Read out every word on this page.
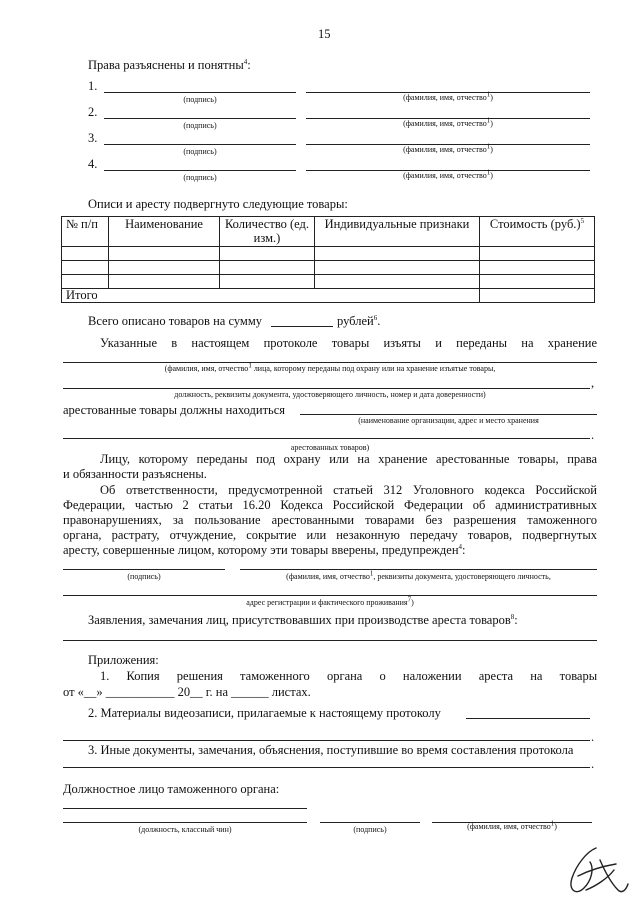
15
Права разъяснены и понятны$^4$:
1.
(подпись)	(фамилия, имя, отчество$^1$)
2.
(подпись)	(фамилия, имя, отчество$^1$)
3.
(подпись)	(фамилия, имя, отчество$^1$)
4.
(подпись)	(фамилия, имя, отчество$^1$)
Описи и аресту подвергнуто следующие товары:
№ п/п	Наименование	Количество (ед. изм.)	Индивидуальные признаки	Стоимость $(руб.)^5$

Итого				
Всего описано товаров на сумму	рублей$^6$.
Указанные в настоящем протоколе товары изъяты и переданы на хранение
(фамилия, имя, отчество$^1$ лица, которому переданы под охрану или на хранение изъятые товары,
,
должность, реквизиты документа, удостоверяющего личность, номер и дата доверенности)
арестованные товары должны находиться
(наименование организации, адрес и место хранения
.
арестованных товаров)
Лицу, которому переданы под охрану или на хранение арестованные товары, права
и обязанности разъяснены.
Об ответственности, предусмотренной статьей 312 Уголовного кодекса Российской
Федерации, частью 2 статьи 16.20 Кодекса Российской Федерации об административных
правонарушениях, за пользование арестованными товарами без разрешения таможенного
органа, растрату, отчуждение, сокрытие или незаконную передачу товаров, подвергнутых
аресту, совершенные лицом, которому эти товары вверены, предупрежден$^4$:
(подпись)	(фамилия, имя, отчество$^1$, реквизиты документа, удостоверяющего личность,
адрес регистрации и фактического проживания$^7$)
Заявления, замечания лиц, присутствовавших при производстве ареста товаров$^8$:
Приложения:
1. Копия решения таможенного органа о наложении ареста на товары
от «__» ___________ 20__ г. на ______ листах.
2. Материалы видеозаписи, прилагаемые к настоящему протоколу
.
3. Иные документы, замечания, объяснения, поступившие во время составления протокола
.
Должностное лицо таможенного органа:
(должность, классный чин)	(подпись)	(фамилия, имя, отчество$^1$)
